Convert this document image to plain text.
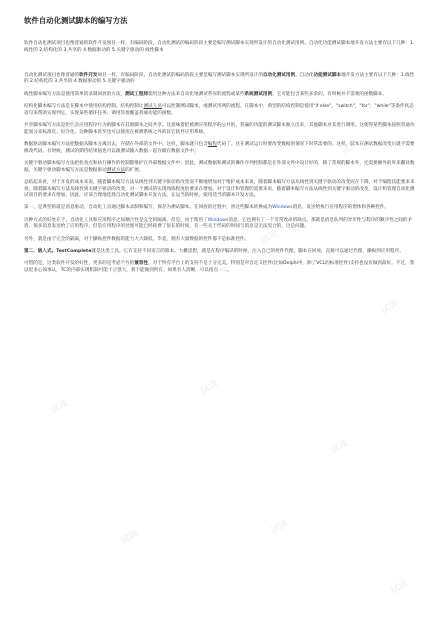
软件自动化测试脚本的编写方法

软件自动化测试项目也像普通的软件开发项目一样，有编码阶段，自动化测试的编码阶段主要是编写测试脚本实现所设计的自动化测试用例。自动化功能测试脚本地开发方法主要有以下几种：1.线性的 2.结构化的 3.共享的 4.数据驱动的 5.关键字驱动的 线性脚本

自动化测试项目也像普通的软件开发项目一样，有编码阶段，自动化测试的编码阶段主要是编写测试脚本实现所设计的自动化测试用例。自动化功能测试脚本地开发方法主要有以下几种：1.线性的 2.结构化的 3.共享的 4.数据驱动的 5.关键字驱动的

线性脚本编写方法是使用简单的录制回放的方法，测试工程师使用这种方法来自动化地测试系统的流程或某些系统测试用例。它可能包含某些多余的、有时候并不需要的函数脚本。

结构化脚本编写方法是在脚本中使用结构控制。结构控制让测试人员可以控制测试脚本，或测试用例的流程。在脚本中，典型的结构控制是使用"if else"，"switch"，"for"，"while"等条件状态语句来帮助实现判定、实现某些循环任务、调用其他覆盖普通功能的函数。

共享脚本编写方法是把代表应用程序行为的脚本在其他脚本之间共享。这意味着把被测应用程序的公共的、普遍的功能的测试脚本独立出来，其他脚本对其进行调用。这使得某些脚本按照普通功能划分来标准化、组件化。这种脚本甚至也可以使用在被测系统之外的其它软件应用系统。

数据驱动脚本编写方法把数据从脚本分离出去，存储在外部的文件中。这样，脚本就只包含编程代码了。这在测试运行时要改变数据的情况下时常需要的。这样，脚本在测试数据改变后就不需要修改代码。有时候，测试的期待结果值也可以跟测试输入数据一起存储在数据文件中。

关键字驱动脚本编写方法把检查点和执行操作的控制都维护在外部数据文件中。因此，测试数据和测试的操作序列控制都是在外部文件中设计好的，除了常规的脚本外，还需要额外的库来翻译数据。关键字驱动脚本编写方法是数据驱动测试方法的扩展。

总结起来看，对于开发的成本来说，随着脚本编写方法从线性到关键字驱动的改变而不断地增加对于维护成本来说，随着脚本编写方法从线性到关键字驱动的改变而在下降，对于编程技能要求来说，随着脚本编写方法从线性到关键字驱动的改变，对一个测试的实现熟练程度的要求在增加。对于设计和管理的需要来说，随着脚本编写方法从线性到关键字驱动的改变，设计和管理自动化测试项目的要求在增加。因此，应该合理地选择自动化测试脚本开发方法，在运当的时候，使用适当的脚本开发方法。

第一、是典型的就是消息驱动，自动化工具通过脚本录制和编写，保存为测试脚本。在回放的过程中，将这些脚本转换成为Windows消息，发送给执行应用程序的窗体和各种控件。

这种方式的好处在于，自动化工具和应用程序之间耦合性是完全的隔离。但是，由于使用了Windows消息，它也拥有了一个非常致命的缺点。那就是消息队列的异步性与程序的顺序性之间的矛盾。很多消息发送给了应用程序，但是应用程序的处理可能已经耗费了很长的时间，有一些关于代码的时间与消息是无法契合的，这是问题。

另外，就是由于完全的隔离，对于操纵控件数据的能力大大降低。毕竟，拥有大量数据的控件都不是标准控件。

第二、嵌入式。TestComplete就是这类工具。它有支持不同语言的版本。大概思想，就是在程序编译的时候，注入自己的控件代理。脚本在回放，直接可以通过代理，操纵到应用程序。

可惜的是，这类软件开发的好性，更多的是考虑平台的兼容性。对于特有平台上的支持不是十分完美。特别是对自定义控件(比如Delphi中，除了VCL的标准控件)支持也没有做到最好。不过，我以里多心领承认，TC的内部实现机制可能十分强大，我不能做到所有。如果有人清晰，可以指点一二。

试读
试读
试读
试读
试读
试读
试读
试读
试读
试读
试读
试读
